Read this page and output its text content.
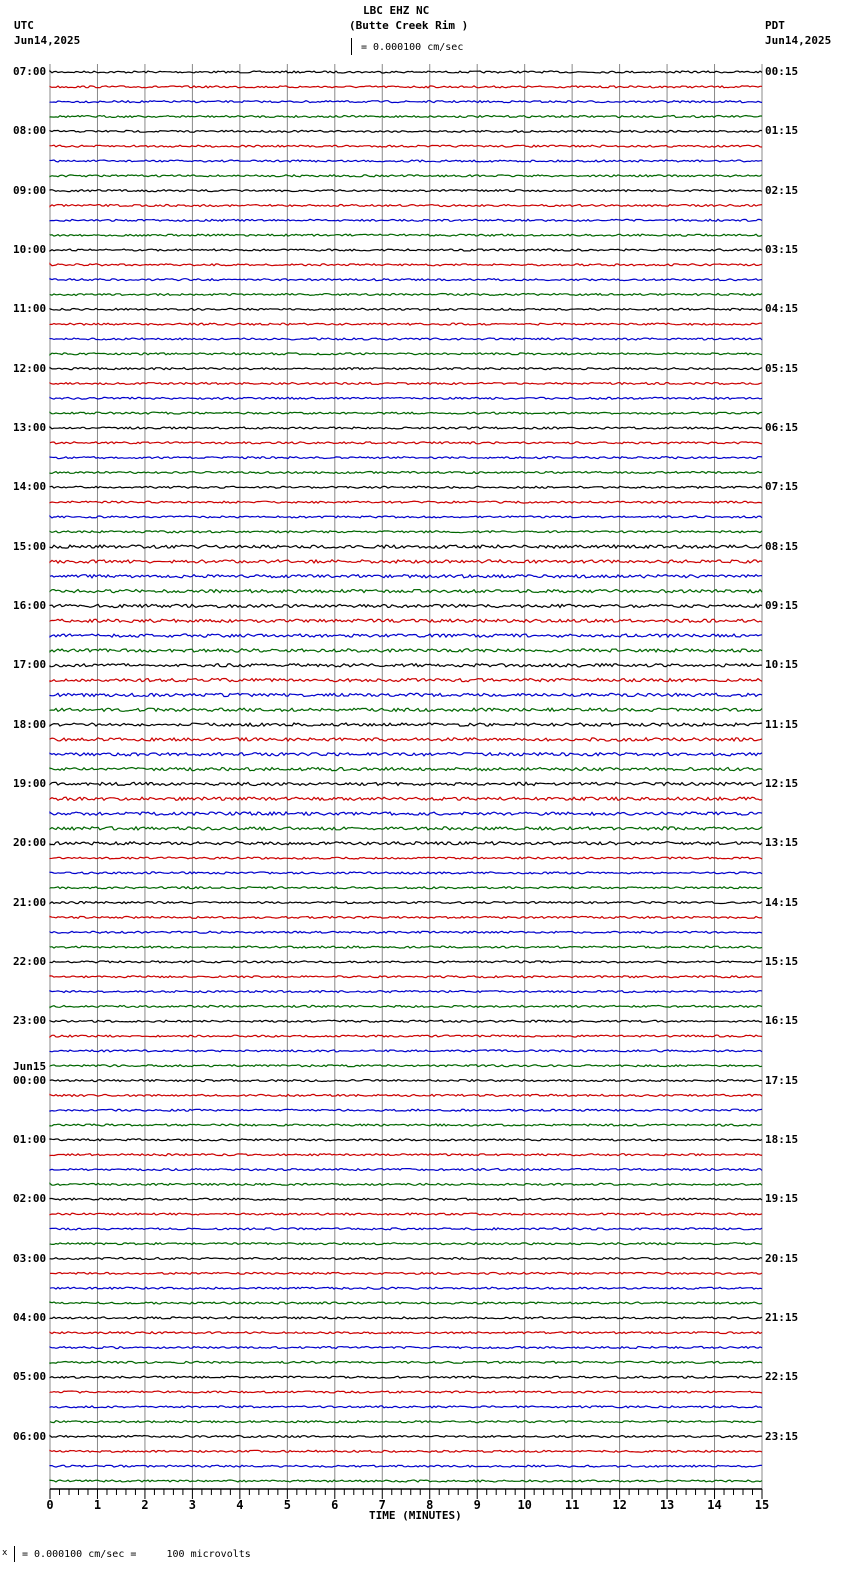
LBC EHZ NC
(Butte Creek Rim )
UTC
Jun14,2025
PDT
Jun14,2025
= 0.000100 cm/sec
0	1	2	3	4	5	6	7	8	9	10	11	12	13	14	15
TIME (MINUTES)
x = 0.000100 cm/sec =     100 microvolts
07:00
08:00
09:00
10:00
11:00
12:00
13:00
14:00
15:00
16:00
17:00
18:00
19:00
20:00
21:00
22:00
23:00
00:00
01:00
02:00
03:00
04:00
05:00
06:00
00:15
01:15
02:15
03:15
04:15
05:15
06:15
07:15
08:15
09:15
10:15
11:15
12:15
13:15
14:15
15:15
16:15
17:15
18:15
19:15
20:15
21:15
22:15
23:15
Jun15
